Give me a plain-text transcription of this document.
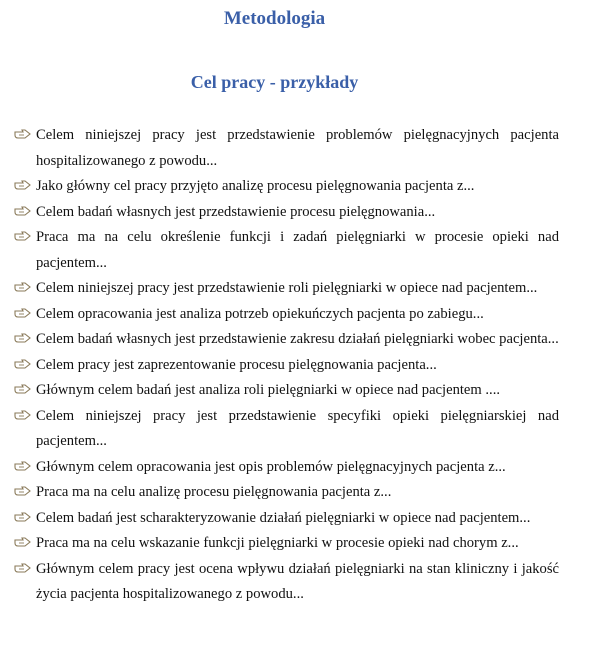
Metodologia
Cel pracy - przykłady
Celem niniejszej pracy jest przedstawienie problemów pielęgnacyjnych pacjenta hospitalizowanego z powodu...
Jako główny cel pracy przyjęto analizę procesu pielęgnowania pacjenta z...
Celem badań własnych jest przedstawienie procesu pielęgnowania...
Praca ma na celu określenie funkcji i zadań pielęgniarki w procesie opieki nad pacjentem...
Celem niniejszej pracy jest przedstawienie roli pielęgniarki w opiece nad pacjentem...
Celem opracowania jest analiza potrzeb opiekuńczych pacjenta po zabiegu...
Celem badań własnych jest przedstawienie zakresu działań pielęgniarki wobec pacjenta...
Celem pracy jest zaprezentowanie procesu pielęgnowania pacjenta...
Głównym celem badań jest analiza roli pielęgniarki w opiece nad pacjentem ....
Celem niniejszej pracy jest przedstawienie specyfiki opieki pielęgniarskiej nad pacjentem...
Głównym celem opracowania jest opis problemów pielęgnacyjnych pacjenta z...
Praca ma na celu analizę procesu pielęgnowania pacjenta z...
Celem badań jest scharakteryzowanie działań pielęgniarki w opiece nad pacjentem...
Praca ma na celu wskazanie funkcji pielęgniarki w procesie opieki nad chorym z...
Głównym celem pracy jest ocena wpływu działań pielęgniarki na stan kliniczny i jakość życia pacjenta hospitalizowanego z powodu...
